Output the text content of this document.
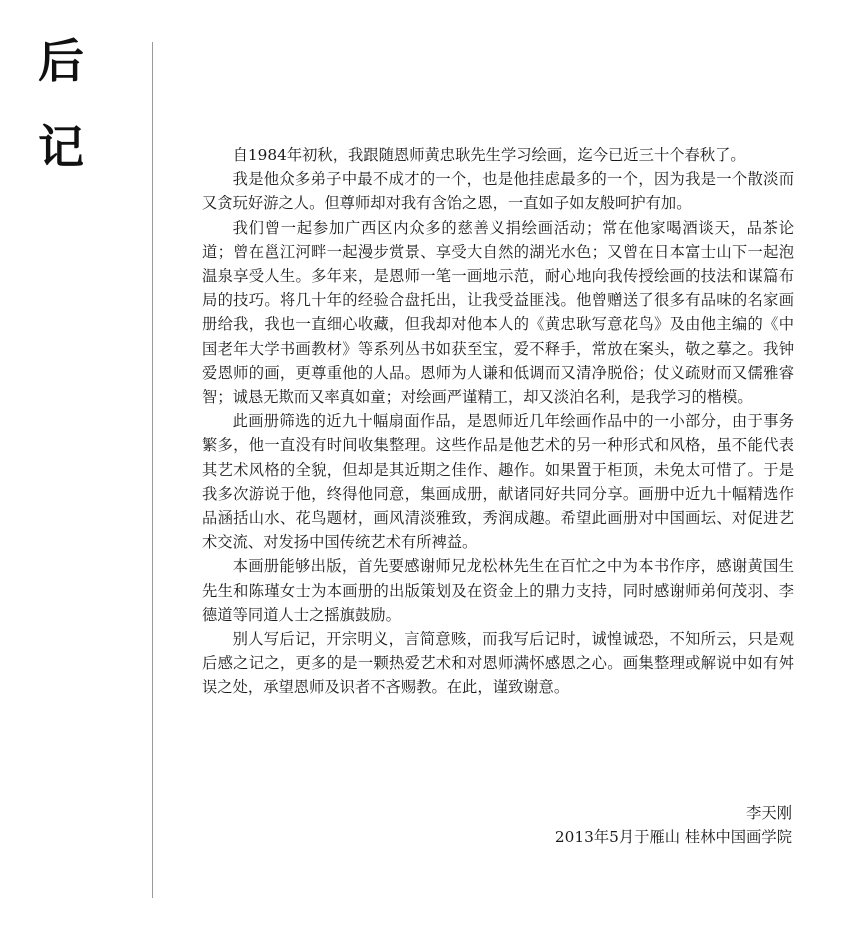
后
记	自1984年初秋，我跟随恩师黄忠耿先生学习绘画，迄今已近三十个春秋了。

我是他众多弟子中最不成才的一个，也是他挂虑最多的一个，因为我是一个散淡而又贪玩好游之人。但尊师却对我有含饴之恩，一直如子如友般呵护有加。

我们曾一起参加广西区内众多的慈善义捐绘画活动；常在他家喝酒谈天，品茶论道；曾在邕江河畔一起漫步赏景、享受大自然的湖光水色；又曾在日本富士山下一起泡温泉享受人生。多年来，是恩师一笔一画地示范，耐心地向我传授绘画的技法和谋篇布局的技巧。将几十年的经验合盘托出，让我受益匪浅。他曾赠送了很多有品味的名家画册给我，我也一直细心收藏，但我却对他本人的《黄忠耿写意花鸟》及由他主编的《中国老年大学书画教材》等系列丛书如获至宝，爱不释手，常放在案头，敬之摹之。我钟爱恩师的画，更尊重他的人品。恩师为人谦和低调而又清净脱俗；仗义疏财而又儒雅睿智；诚恳无欺而又率真如童；对绘画严谨精工，却又淡泊名利，是我学习的楷模。

此画册筛选的近九十幅扇面作品，是恩师近几年绘画作品中的一小部分，由于事务繁多，他一直没有时间收集整理。这些作品是他艺术的另一种形式和风格，虽不能代表其艺术风格的全貌，但却是其近期之佳作、趣作。如果置于柜顶，未免太可惜了。于是我多次游说于他，终得他同意，集画成册，献诸同好共同分享。画册中近九十幅精选作品涵括山水、花鸟题材，画风清淡雅致，秀润成趣。希望此画册对中国画坛、对促进艺术交流、对发扬中国传统艺术有所裨益。

本画册能够出版，首先要感谢师兄龙松林先生在百忙之中为本书作序，感谢黄国生先生和陈瑾女士为本画册的出版策划及在资金上的鼎力支持，同时感谢师弟何茂羽、李德道等同道人士之摇旗鼓励。

别人写后记，开宗明义，言简意赅，而我写后记时，诚惶诚恐，不知所云，只是观后感之记之，更多的是一颗热爱艺术和对恩师满怀感恩之心。画集整理或解说中如有舛误之处，承望恩师及识者不吝赐教。在此，谨致谢意。

李天刚
2013年5月于雁山 桂林中国画学院
